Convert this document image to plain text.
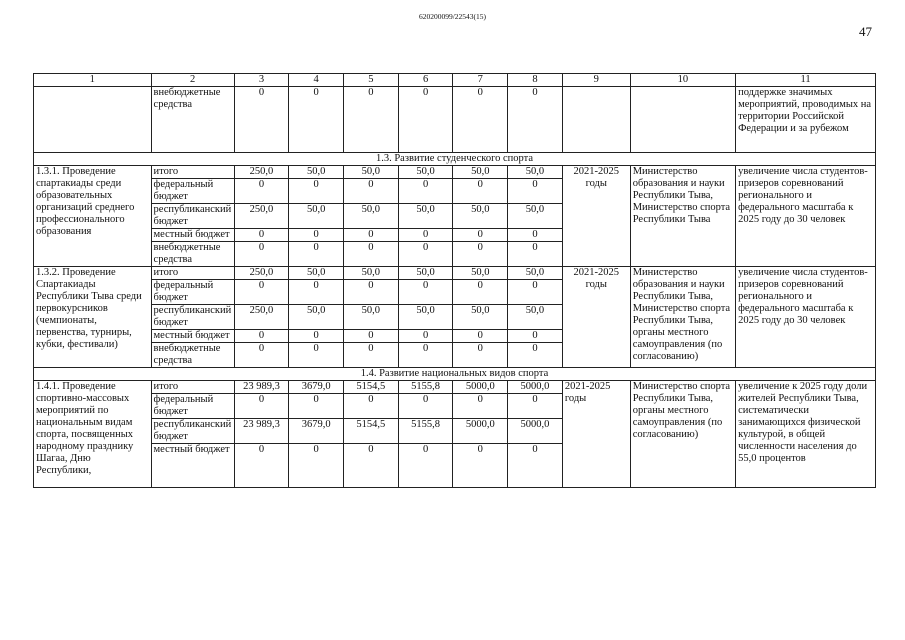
620200099/22543(15)
47
1	2	3	4	5	6	7	8	9	10	11
	внебюджетные средства	0	0	0	0	0	0			поддержке значимых мероприятий, проводимых на территории Российской Федерации и за рубежом
1.3. Развитие студенческого спорта										
1.3.1. Проведение спартакиады среди образовательных организаций среднего профессионального образования	итого	250,0	50,0	50,0	50,0	50,0	50,0	2021-2025 годы	Министерство образования и науки Республики Тыва, Министерство спорта Республики Тыва	увеличение числа студентов-призеров соревнований регионального и федерального масштаба к 2025 году до 30 человек
	федеральный бюджет	0	0	0	0	0	0			
	республиканский бюджет	250,0	50,0	50,0	50,0	50,0	50,0			
	местный бюджет	0	0	0	0	0	0			
	внебюджетные средства	0	0	0	0	0	0			
1.3.2. Проведение Спартакиады Республики Тыва среди первокурсников (чемпионаты, первенства, турниры, кубки, фестивали)	итого	250,0	50,0	50,0	50,0	50,0	50,0	2021-2025 годы	Министерство образования и науки Республики Тыва, Министерство спорта Республики Тыва, органы местного самоуправления (по согласованию)	увеличение числа студентов-призеров соревнований регионального и федерального масштаба к 2025 году до 30 человек
	федеральный бюджет	0	0	0	0	0	0			
	республиканский бюджет	250,0	50,0	50,0	50,0	50,0	50,0			
	местный бюджет	0	0	0	0	0	0			
	внебюджетные средства	0	0	0	0	0	0			
1.4. Развитие национальных видов спорта										
1.4.1. Проведение спортивно-массовых мероприятий по национальным видам спорта, посвященных народному празднику Шагаа, Дню Республики,	итого	23 989,3	3679,0	5154,5	5155,8	5000,0	5000,0	2021-2025 годы	Министерство спорта Республики Тыва, органы местного самоуправления (по согласованию)	увеличение к 2025 году доли жителей Республики Тыва, систематически занимающихся физической культурой, в общей численности населения до 55,0 процентов
	федеральный бюджет	0	0	0	0	0	0			
	республиканский бюджет	23 989,3	3679,0	5154,5	5155,8	5000,0	5000,0			
	местный бюджет	0	0	0	0	0	0			
